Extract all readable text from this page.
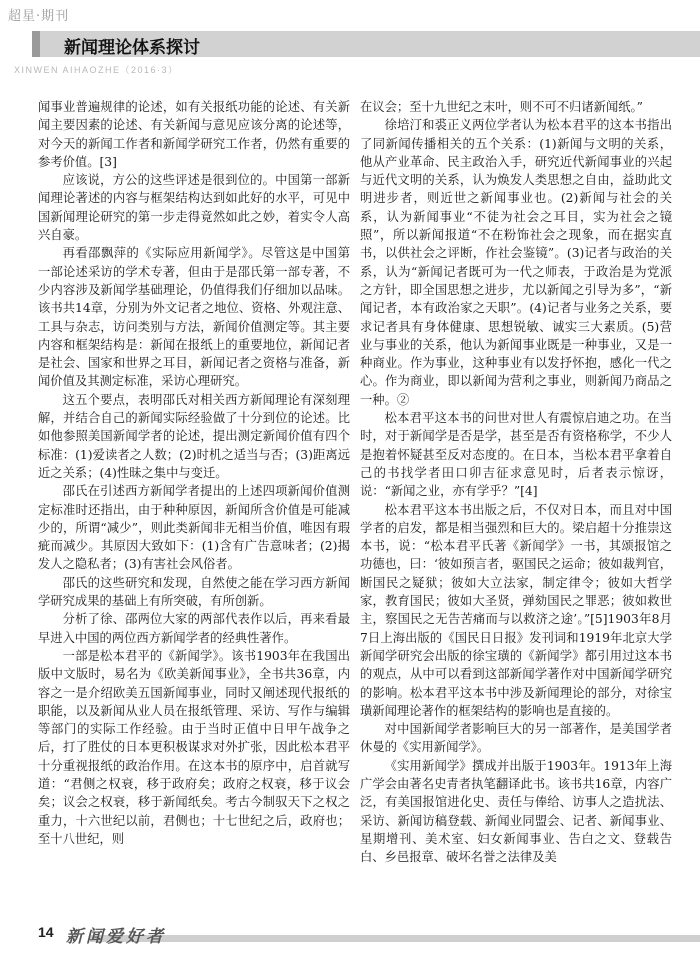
超星·期刊
新闻理论体系探讨
XINWEN AIHAOZHE（2016·3）

闻事业普遍规律的论述，如有关报纸功能的论述、有关新闻主要因素的论述、有关新闻与意见应该分离的论述等，对今天的新闻工作者和新闻学研究工作者，仍然有重要的参考价值。[3]

应该说，方公的这些评述是很到位的。中国第一部新闻理论著述的内容与框架结构达到如此好的水平，可见中国新闻理论研究的第一步走得竟然如此之妙，着实令人高兴自豪。

再看邵飘萍的《实际应用新闻学》。尽管这是中国第一部论述采访的学术专著，但由于是邵氏第一部专著，不少内容涉及新闻学基础理论，仍值得我们仔细加以品味。该书共14章，分别为外文记者之地位、资格、外观注意、工具与杂志，访问类别与方法，新闻价值测定等。其主要内容和框架结构是：新闻在报纸上的重要地位，新闻记者是社会、国家和世界之耳目，新闻记者之资格与准备，新闻价值及其测定标准，采访心理研究。

这五个要点，表明邵氏对相关西方新闻理论有深刻理解，并结合自己的新闻实际经验做了十分到位的论述。比如他参照美国新闻学者的论述，提出测定新闻价值有四个标准：(1)爱读者之人数；(2)时机之适当与否；(3)距离远近之关系；(4)性昧之集中与变迁。

邵氏在引述西方新闻学者提出的上述四项新闻价值测定标准时还指出，由于种种原因，新闻所含价值是可能减少的，所谓“减少”，则此类新闻非无相当价值，唯因有瑕疵而减少。其原因大致如下：(1)含有广告意味者；(2)揭发人之隐私者；(3)有害社会风俗者。

邵氏的这些研究和发现，自然使之能在学习西方新闻学研究成果的基础上有所突破，有所创新。

分析了徐、邵两位大家的两部代表作以后，再来看最早进入中国的两位西方新闻学者的经典性著作。

一部是松本君平的《新闻学》。该书1903年在我国出版中文版时，易名为《欧美新闻事业》，全书共36章，内容之一是介绍欧美五国新闻事业，同时又阐述现代报纸的职能，以及新闻从业人员在报纸管理、采访、写作与编辑等部门的实际工作经验。由于当时正值中日甲午战争之后，打了胜仗的日本更积极谋求对外扩张，因此松本君平十分重视报纸的政治作用。在这本书的原序中，启首就写道：“君侧之权衰，移于政府矣；政府之权衰，移于议会矣；议会之权衰，移于新闻纸矣。考古今制驭天下之权之重力，十六世纪以前，君侧也；十七世纪之后，政府也；至十八世纪，则

在议会；至十九世纪之末叶，则不可不归诸新闻纸。”

徐培汀和裘正义两位学者认为松本君平的这本书指出了同新闻传播相关的五个关系：(1)新闻与文明的关系，他从产业革命、民主政治入手，研究近代新闻事业的兴起与近代文明的关系，认为焕发人类思想之自由，益助此文明进步者，则近世之新闻事业也。(2)新闻与社会的关系，认为新闻事业“不徒为社会之耳目，实为社会之镜照”，所以新闻报道“不在粉饰社会之现象，而在据实直书，以供社会之评断，作社会鉴镜”。(3)记者与政治的关系，认为“新闻记者既可为一代之师表，于政治是为党派之方针，即全国思想之进步，尤以新闻之引导为多”，“新闻记者，本有政治家之天职”。(4)记者与业务之关系，要求记者具有身体健康、思想锐敏、诚实三大素质。(5)营业与事业的关系，他认为新闻事业既是一种事业，又是一种商业。作为事业，这种事业有以发抒怀抱，感化一代之心。作为商业，即以新闻为营利之事业，则新闻乃商品之一种。②

松本君平这本书的问世对世人有震惊启迪之功。在当时，对于新闻学是否是学，甚至是否有资格称学，不少人是抱着怀疑甚至反对态度的。在日本，当松本君平拿着自己的书找学者田口卯吉征求意见时，后者表示惊讶，说：“新闻之业，亦有学乎？”[4]

松本君平这本书出版之后，不仅对日本，而且对中国学者的启发，都是相当强烈和巨大的。梁启超十分推崇这本书，说：“松本君平氏著《新闻学》一书，其颂报馆之功德也，曰：‘彼如预言者，驱国民之运命；彼如裁判官，断国民之疑狱；彼如大立法家，制定律令；彼如大哲学家，教育国民；彼如大圣贤，弹劾国民之罪恶；彼如救世主，察国民之无告苦痛而与以救济之途’。”[5]1903年8月7日上海出版的《国民日日报》发刊词和1919年北京大学新闻学研究会出版的徐宝璜的《新闻学》都引用过这本书的观点，从中可以看到这部新闻学著作对中国新闻学研究的影响。松本君平这本书中涉及新闻理论的部分，对徐宝璜新闻理论著作的框架结构的影响也是直接的。

对中国新闻学者影响巨大的另一部著作，是美国学者休曼的《实用新闻学》。

《实用新闻学》撰成并出版于1903年。1913年上海广学会由著名史青者执笔翻译此书。该书共16章，内容广泛，有美国报馆进化史、责任与俸给、访事人之造扰法、采访、新闻访稿登载、新闻业同盟会、记者、新闻事业、星期增刊、美术室、妇女新闻事业、告白之文、登载告白、乡邑报章、破坏名誉之法律及美

14 新闻爱好者
